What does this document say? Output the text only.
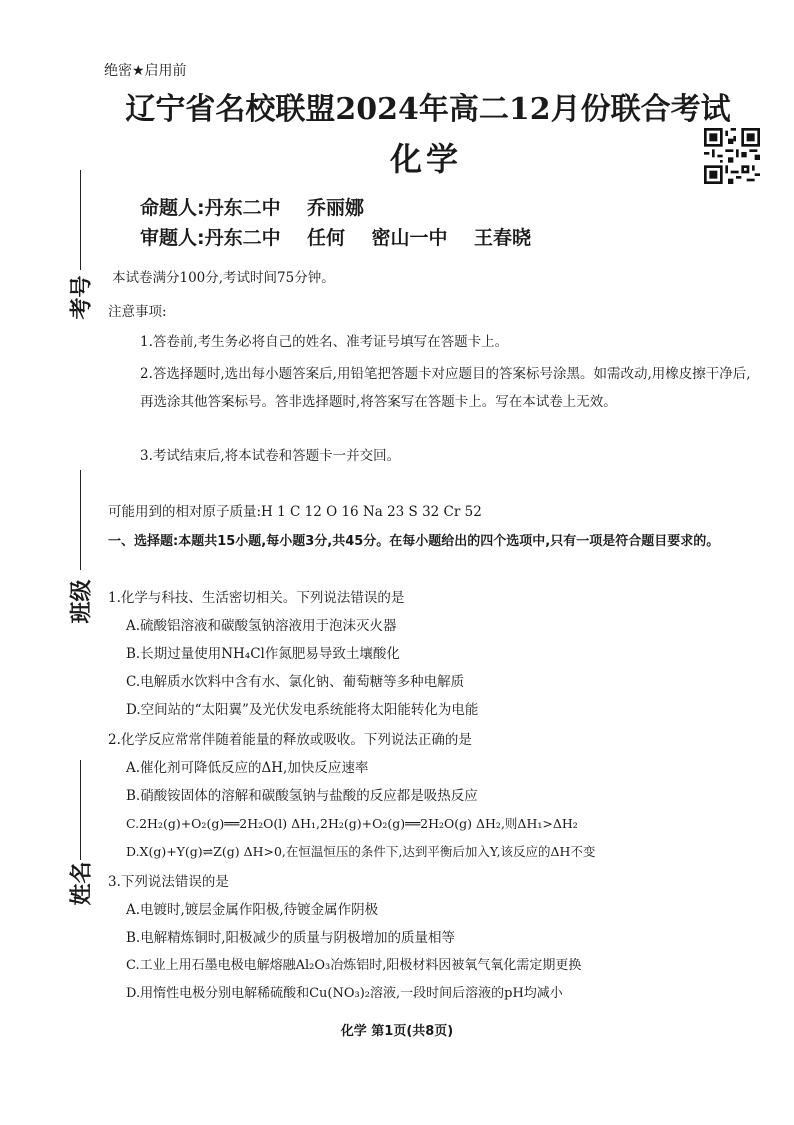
考号
班级
姓名
绝密★启用前
辽宁省名校联盟2024年高二12月份联合考试
化学
命题人:丹东二中    乔丽娜
审题人:丹东二中    任何    密山一中    王春晓
本试卷满分100分,考试时间75分钟。
注意事项:
1.答卷前,考生务必将自己的姓名、准考证号填写在答题卡上。
2.答选择题时,选出每小题答案后,用铅笔把答题卡对应题目的答案标号涂黑。如需改动,用橡皮擦干净后,再选涂其他答案标号。答非选择题时,将答案写在答题卡上。写在本试卷上无效。
3.考试结束后,将本试卷和答题卡一并交回。
可能用到的相对原子质量:H 1 C 12 O 16 Na 23 S 32 Cr 52
一、选择题:本题共15小题,每小题3分,共45分。在每小题给出的四个选项中,只有一项是符合题目要求的。
1.化学与科技、生活密切相关。下列说法错误的是
A.硫酸铝溶液和碳酸氢钠溶液用于泡沫灭火器
B.长期过量使用NH₄Cl作氮肥易导致土壤酸化
C.电解质水饮料中含有水、氯化钠、葡萄糖等多种电解质
D.空间站的“太阳翼”及光伏发电系统能将太阳能转化为电能
2.化学反应常常伴随着能量的释放或吸收。下列说法正确的是
A.催化剂可降低反应的ΔH,加快反应速率
B.硝酸铵固体的溶解和碳酸氢钠与盐酸的反应都是吸热反应
C.2H₂(g)+O₂(g)══2H₂O(l) ΔH₁,2H₂(g)+O₂(g)══2H₂O(g) ΔH₂,则ΔH₁>ΔH₂
D.X(g)+Y(g)⇌Z(g) ΔH>0,在恒温恒压的条件下,达到平衡后加入Y,该反应的ΔH不变
3.下列说法错误的是
A.电镀时,镀层金属作阳极,待镀金属作阴极
B.电解精炼铜时,阳极减少的质量与阴极增加的质量相等
C.工业上用石墨电极电解熔融Al₂O₃冶炼铝时,阳极材料因被氧气氧化需定期更换
D.用惰性电极分别电解稀硫酸和Cu(NO₃)₂溶液,一段时间后溶液的pH均减小
化学 第1页(共8页)
